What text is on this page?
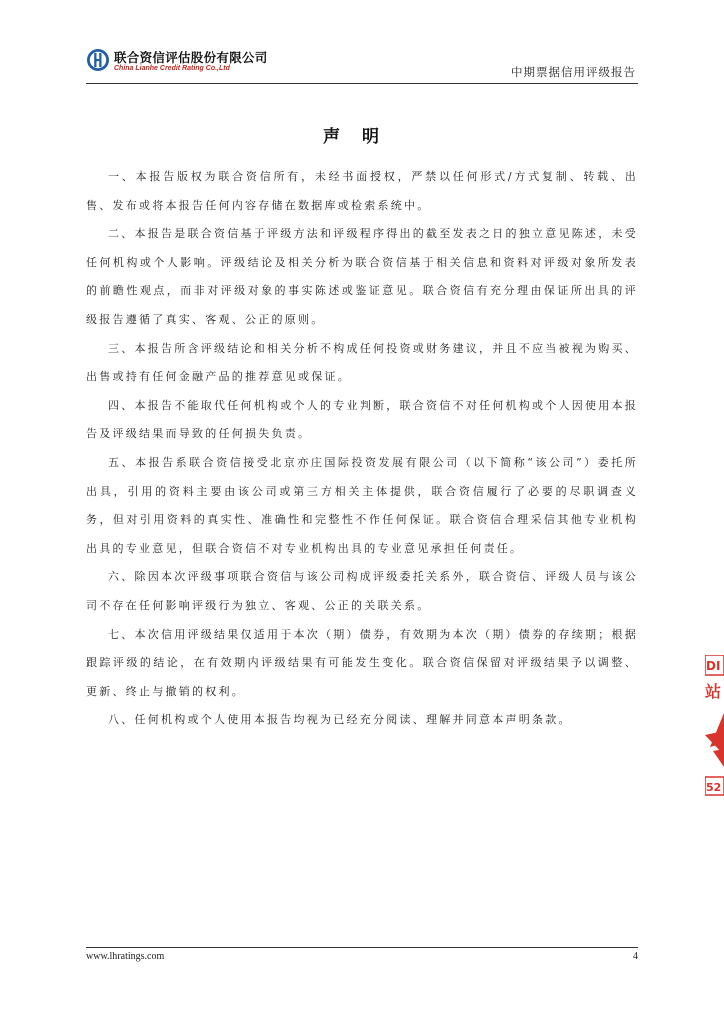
联合资信评估股份有限公司
China Lianhe Credit Rating Co.,Ltd	中期票据信用评级报告
声明

一、本报告版权为联合资信所有，未经书面授权，严禁以任何形式/方式复制、转载、出售、发布或将本报告任何内容存储在数据库或检索系统中。

二、本报告是联合资信基于评级方法和评级程序得出的截至发表之日的独立意见陈述，未受任何机构或个人影响。评级结论及相关分析为联合资信基于相关信息和资料对评级对象所发表的前瞻性观点，而非对评级对象的事实陈述或鉴证意见。联合资信有充分理由保证所出具的评级报告遵循了真实、客观、公正的原则。

三、本报告所含评级结论和相关分析不构成任何投资或财务建议，并且不应当被视为购买、出售或持有任何金融产品的推荐意见或保证。

四、本报告不能取代任何机构或个人的专业判断，联合资信不对任何机构或个人因使用本报告及评级结果而导致的任何损失负责。

五、本报告系联合资信接受北京亦庄国际投资发展有限公司（以下简称“该公司”）委托所出具，引用的资料主要由该公司或第三方相关主体提供，联合资信履行了必要的尽职调查义务，但对引用资料的真实性、准确性和完整性不作任何保证。联合资信合理采信其他专业机构出具的专业意见，但联合资信不对专业机构出具的专业意见承担任何责任。

六、除因本次评级事项联合资信与该公司构成评级委托关系外，联合资信、评级人员与该公司不存在任何影响评级行为独立、客观、公正的关联关系。

七、本次信用评级结果仅适用于本次（期）债券，有效期为本次（期）债券的存续期；根据跟踪评级的结论，在有效期内评级结果有可能发生变化。联合资信保留对评级结果予以调整、更新、终止与撤销的权利。

八、任何机构或个人使用本报告均视为已经充分阅读、理解并同意本声明条款。

DI
站
52
www.lhratings.com	4
